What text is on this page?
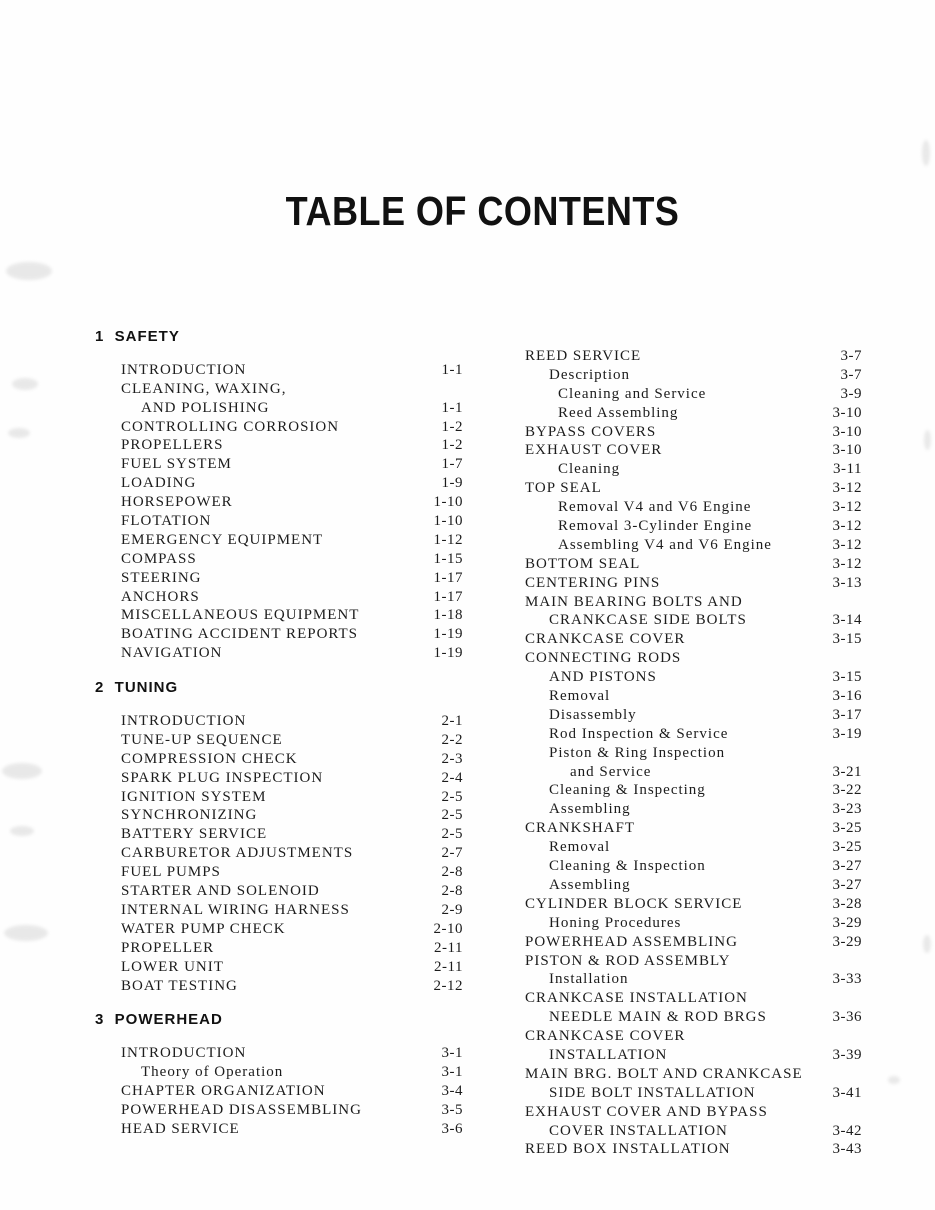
TABLE OF CONTENTS
1  SAFETY
INTRODUCTION	1-1
CLEANING, WAXING,
AND POLISHING	1-1
CONTROLLING CORROSION	1-2
PROPELLERS	1-2
FUEL SYSTEM	1-7
LOADING	1-9
HORSEPOWER	1-10
FLOTATION	1-10
EMERGENCY EQUIPMENT	1-12
COMPASS	1-15
STEERING	1-17
ANCHORS	1-17
MISCELLANEOUS EQUIPMENT	1-18
BOATING ACCIDENT REPORTS	1-19
NAVIGATION	1-19
2  TUNING
INTRODUCTION	2-1
TUNE-UP SEQUENCE	2-2
COMPRESSION CHECK	2-3
SPARK PLUG INSPECTION	2-4
IGNITION SYSTEM	2-5
SYNCHRONIZING	2-5
BATTERY SERVICE	2-5
CARBURETOR ADJUSTMENTS	2-7
FUEL PUMPS	2-8
STARTER AND SOLENOID	2-8
INTERNAL WIRING HARNESS	2-9
WATER PUMP CHECK	2-10
PROPELLER	2-11
LOWER UNIT	2-11
BOAT TESTING	2-12
3  POWERHEAD
INTRODUCTION	3-1
Theory of Operation	3-1
CHAPTER ORGANIZATION	3-4
POWERHEAD DISASSEMBLING	3-5
HEAD SERVICE	3-6
REED SERVICE	3-7
Description	3-7
Cleaning and Service	3-9
Reed Assembling	3-10
BYPASS COVERS	3-10
EXHAUST COVER	3-10
Cleaning	3-11
TOP SEAL	3-12
Removal V4 and V6 Engine	3-12
Removal 3-Cylinder Engine	3-12
Assembling V4 and V6 Engine	3-12
BOTTOM SEAL	3-12
CENTERING PINS	3-13
MAIN BEARING BOLTS AND
CRANKCASE SIDE BOLTS	3-14
CRANKCASE COVER	3-15
CONNECTING RODS
AND PISTONS	3-15
Removal	3-16
Disassembly	3-17
Rod Inspection & Service	3-19
Piston & Ring Inspection
and Service	3-21
Cleaning & Inspecting	3-22
Assembling	3-23
CRANKSHAFT	3-25
Removal	3-25
Cleaning & Inspection	3-27
Assembling	3-27
CYLINDER BLOCK SERVICE	3-28
Honing Procedures	3-29
POWERHEAD ASSEMBLING	3-29
PISTON & ROD ASSEMBLY
Installation	3-33
CRANKCASE INSTALLATION
NEEDLE MAIN & ROD BRGS	3-36
CRANKCASE COVER
INSTALLATION	3-39
MAIN BRG. BOLT AND CRANKCASE
SIDE BOLT INSTALLATION	3-41
EXHAUST COVER AND BYPASS
COVER INSTALLATION	3-42
REED BOX INSTALLATION	3-43
